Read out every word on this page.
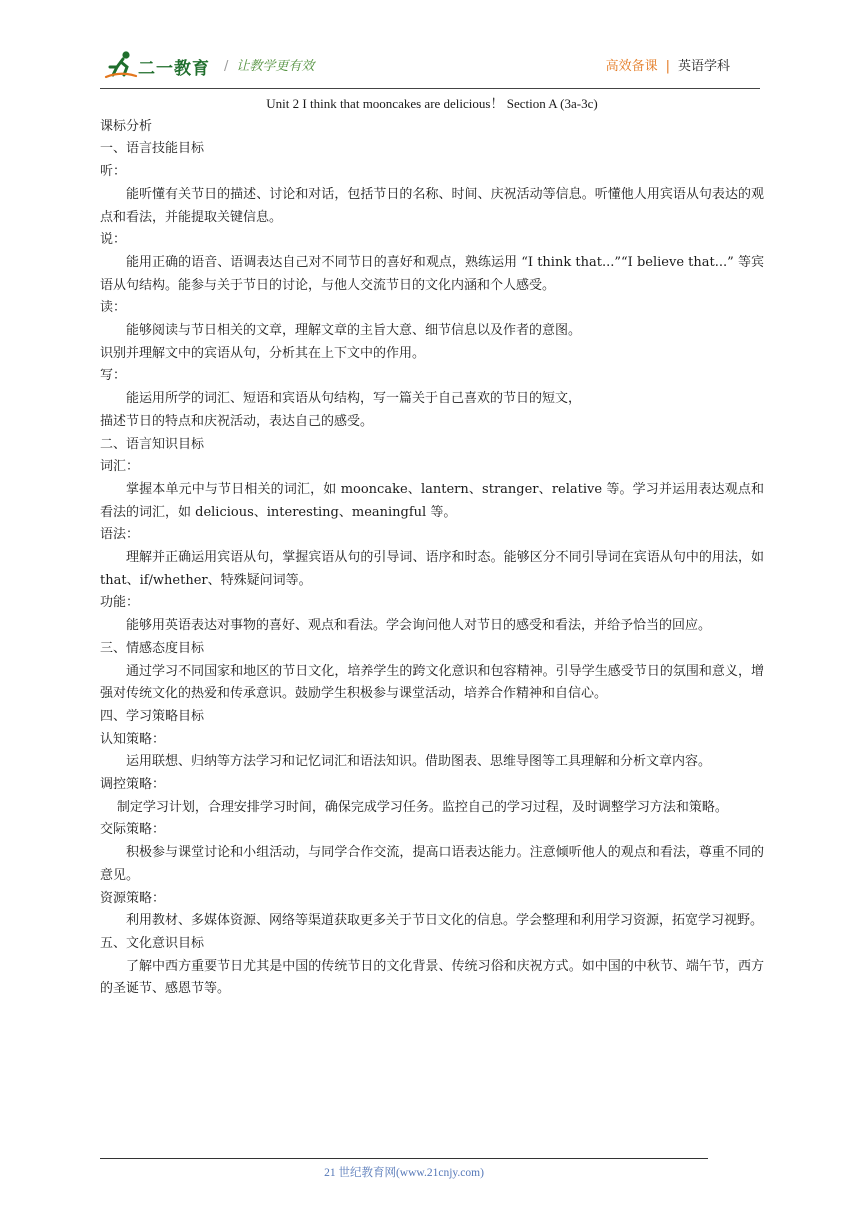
二一教育 / 让教学更有效	高效备课 | 英语学科
Unit 2 I think that mooncakes are delicious！ Section A (3a-3c)
课标分析
一、语言技能目标
听：

能听懂有关节日的描述、讨论和对话，包括节日的名称、时间、庆祝活动等信息。听懂他人用宾语从句表达的观点和看法，并能提取关键信息。

说：

能用正确的语音、语调表达自己对不同节日的喜好和观点，熟练运用 “I think that...”“I believe that...” 等宾语从句结构。能参与关于节日的讨论，与他人交流节日的文化内涵和个人感受。

读：

能够阅读与节日相关的文章，理解文章的主旨大意、细节信息以及作者的意图。

识别并理解文中的宾语从句，分析其在上下文中的作用。

写：

能运用所学的词汇、短语和宾语从句结构，写一篇关于自己喜欢的节日的短文，

描述节日的特点和庆祝活动，表达自己的感受。

二、语言知识目标
词汇：

掌握本单元中与节日相关的词汇，如 mooncake、lantern、stranger、relative 等。学习并运用表达观点和看法的词汇，如 delicious、interesting、meaningful 等。

语法：

理解并正确运用宾语从句，掌握宾语从句的引导词、语序和时态。能够区分不同引导词在宾语从句中的用法，如 that、if/whether、特殊疑问词等。

功能：

能够用英语表达对事物的喜好、观点和看法。学会询问他人对节日的感受和看法，并给予恰当的回应。

三、情感态度目标

通过学习不同国家和地区的节日文化，培养学生的跨文化意识和包容精神。引导学生感受节日的氛围和意义，增强对传统文化的热爱和传承意识。鼓励学生积极参与课堂活动，培养合作精神和自信心。

四、学习策略目标
认知策略：

运用联想、归纳等方法学习和记忆词汇和语法知识。借助图表、思维导图等工具理解和分析文章内容。

调控策略：

制定学习计划，合理安排学习时间，确保完成学习任务。监控自己的学习过程，及时调整学习方法和策略。

交际策略：

积极参与课堂讨论和小组活动，与同学合作交流，提高口语表达能力。注意倾听他人的观点和看法，尊重不同的意见。

资源策略：

利用教材、多媒体资源、网络等渠道获取更多关于节日文化的信息。学会整理和利用学习资源，拓宽学习视野。

五、文化意识目标

了解中西方重要节日尤其是中国的传统节日的文化背景、传统习俗和庆祝方式。如中国的中秋节、端午节，西方的圣诞节、感恩节等。

21 世纪教育网(www.21cnjy.com)
